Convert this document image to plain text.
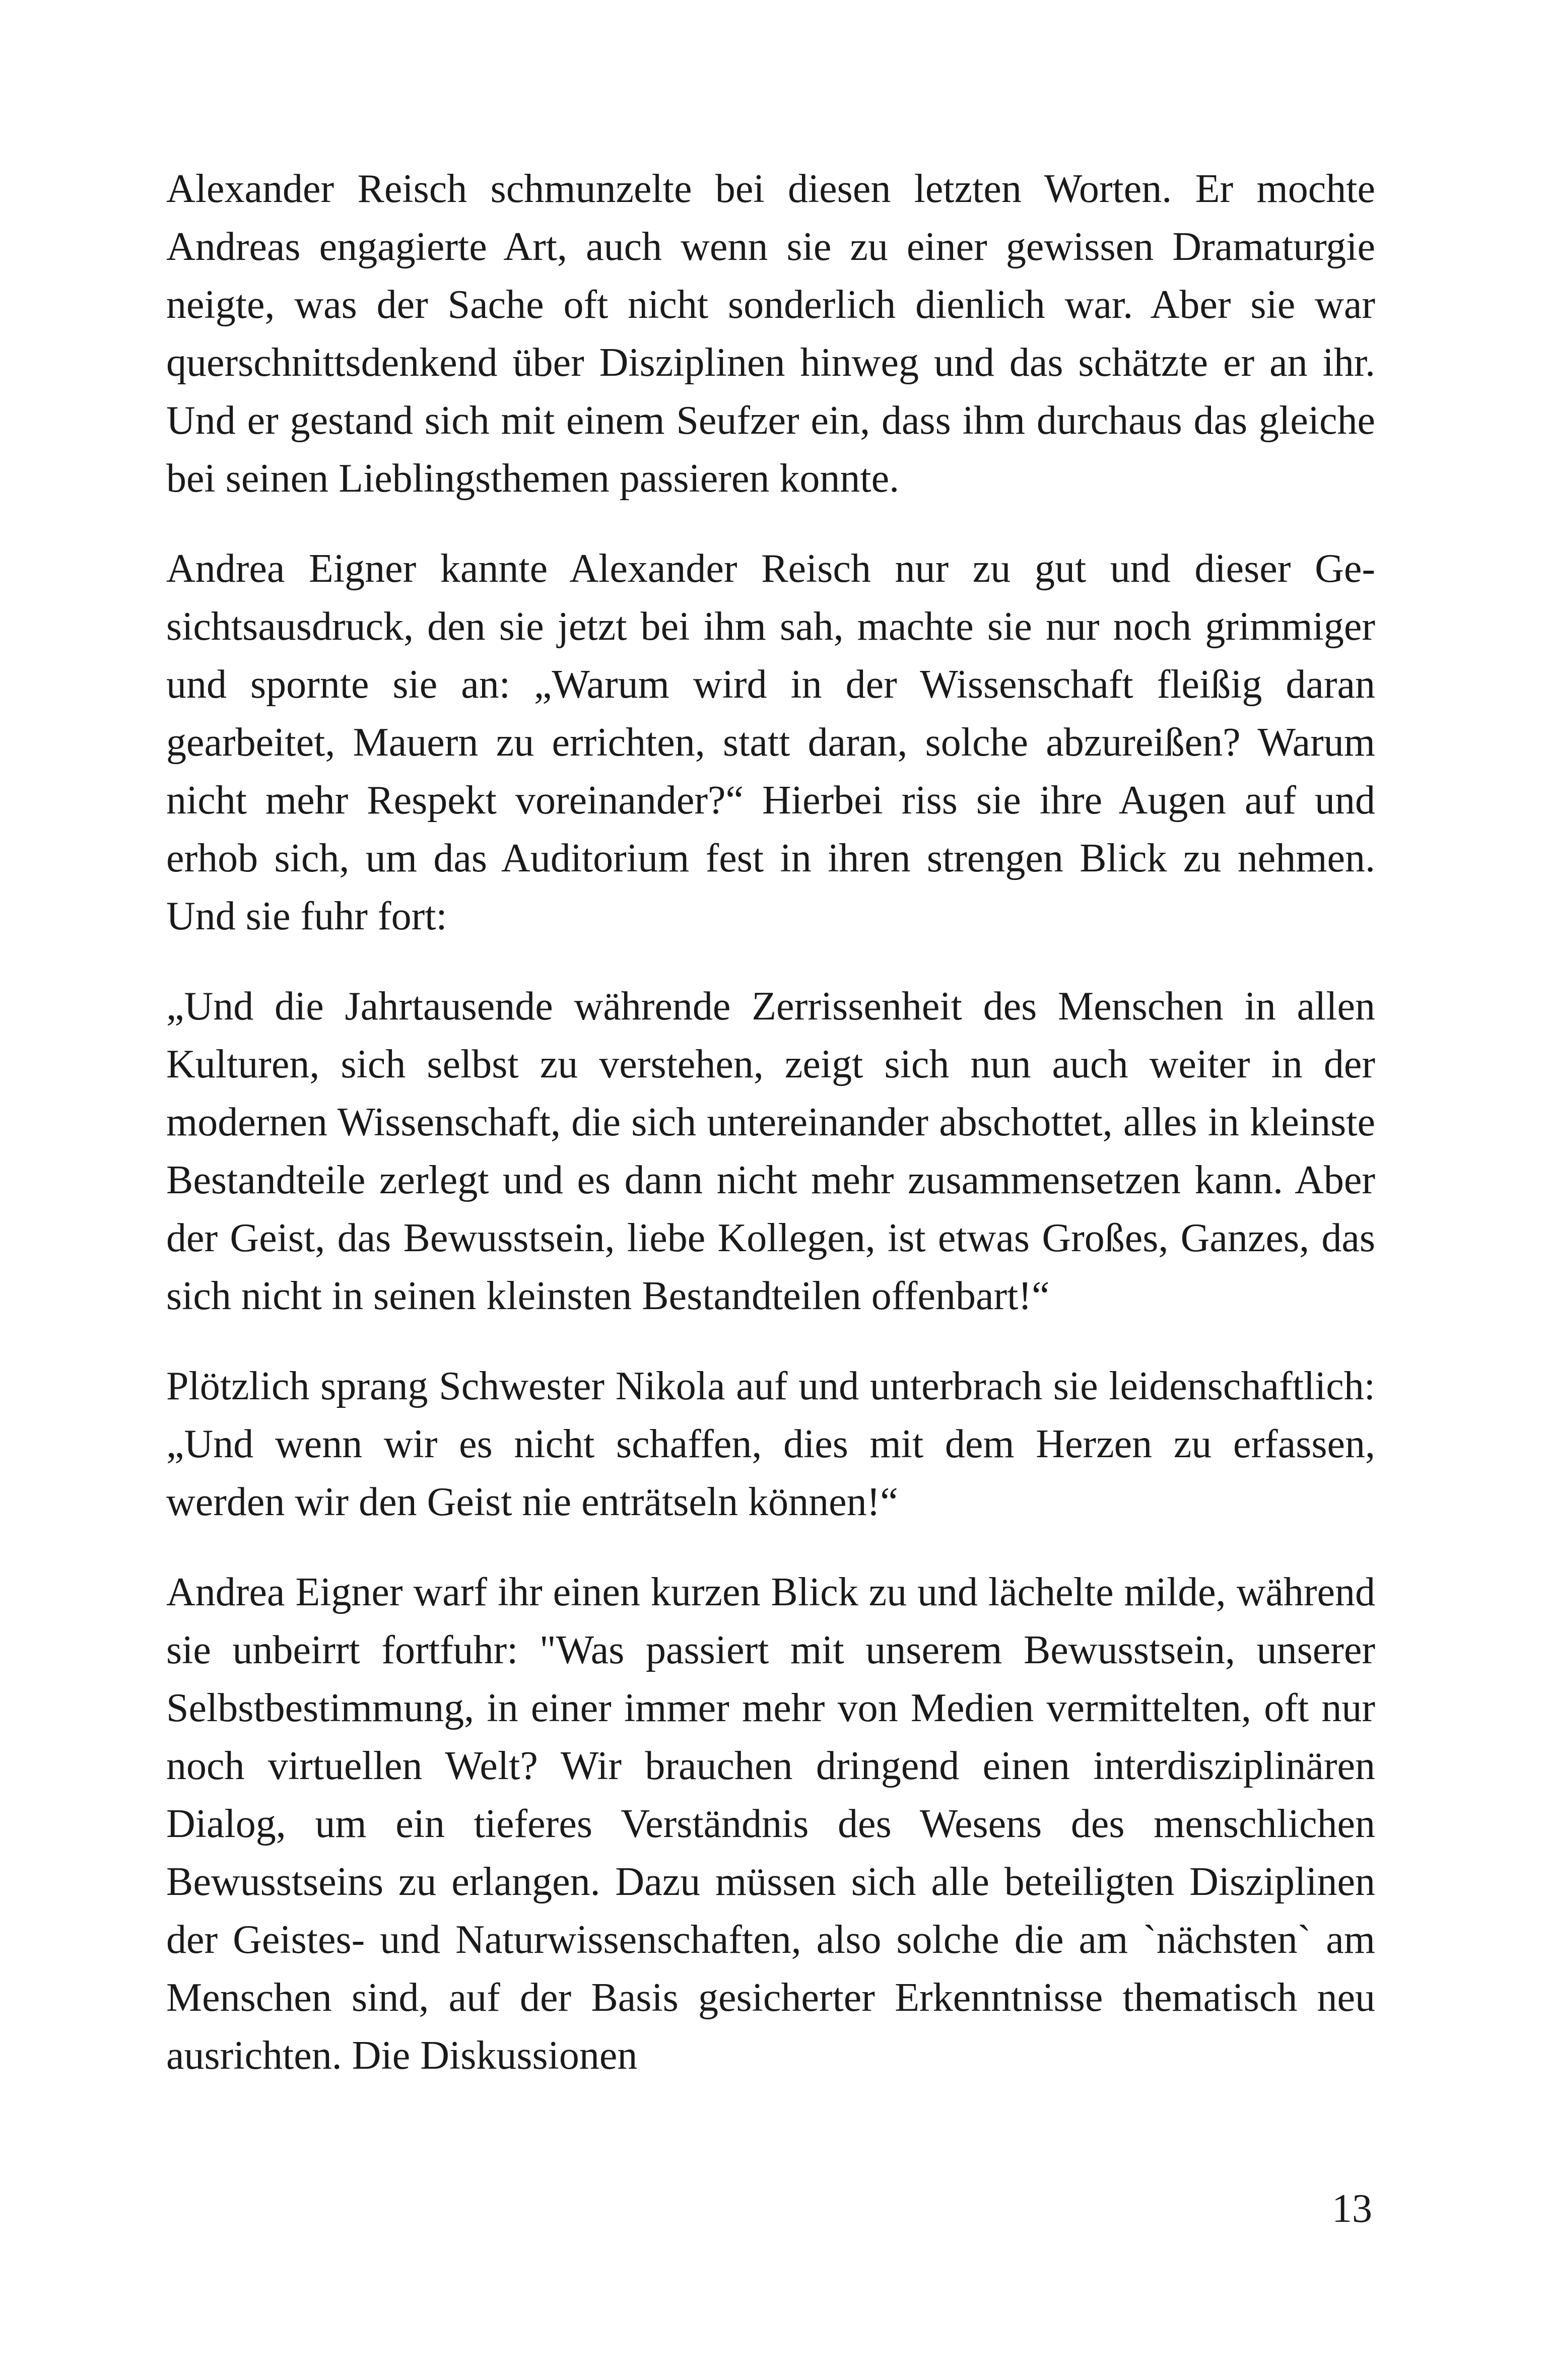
Alexander Reisch schmunzelte bei diesen letzten Worten. Er mochte Andreas engagierte Art, auch wenn sie zu einer gewissen Dramaturgie neigte, was der Sache oft nicht sonderlich dienlich war. Aber sie war querschnittsdenkend über Disziplinen hinweg und das schätzte er an ihr. Und er gestand sich mit einem Seufzer ein, dass ihm durchaus das gleiche bei seinen Lieblingsthemen passieren konnte.

Andrea Eigner kannte Alexander Reisch nur zu gut und dieser Gesichtsausdruck, den sie jetzt bei ihm sah, machte sie nur noch grimmiger und spornte sie an: „Warum wird in der Wissenschaft fleißig daran gearbeitet, Mauern zu errichten, statt daran, solche abzureißen? Warum nicht mehr Respekt voreinander?“ Hierbei riss sie ihre Augen auf und erhob sich, um das Auditorium fest in ihren strengen Blick zu nehmen. Und sie fuhr fort:

„Und die Jahrtausende währende Zerrissenheit des Menschen in allen Kulturen, sich selbst zu verstehen, zeigt sich nun auch weiter in der modernen Wissenschaft, die sich untereinander abschottet, alles in kleinste Bestandteile zerlegt und es dann nicht mehr zusammensetzen kann. Aber der Geist, das Bewusstsein, liebe Kollegen, ist etwas Großes, Ganzes, das sich nicht in seinen kleinsten Bestandteilen offenbart!“

Plötzlich sprang Schwester Nikola auf und unterbrach sie leidenschaftlich: „Und wenn wir es nicht schaffen, dies mit dem Herzen zu erfassen, werden wir den Geist nie enträtseln können!“

Andrea Eigner warf ihr einen kurzen Blick zu und lächelte milde, während sie unbeirrt fortfuhr: "Was passiert mit unserem Bewusstsein, unserer Selbstbestimmung, in einer immer mehr von Medien vermittelten, oft nur noch virtuellen Welt? Wir brauchen dringend einen interdisziplinären Dialog, um ein tieferes Verständnis des Wesens des menschlichen Bewusstseins zu erlangen. Dazu müssen sich alle beteiligten Disziplinen der Geistes- und Naturwissenschaften, also solche die am `nächsten` am Menschen sind, auf der Basis gesicherter Erkenntnisse thematisch neu ausrichten. Die Diskussionen

13
